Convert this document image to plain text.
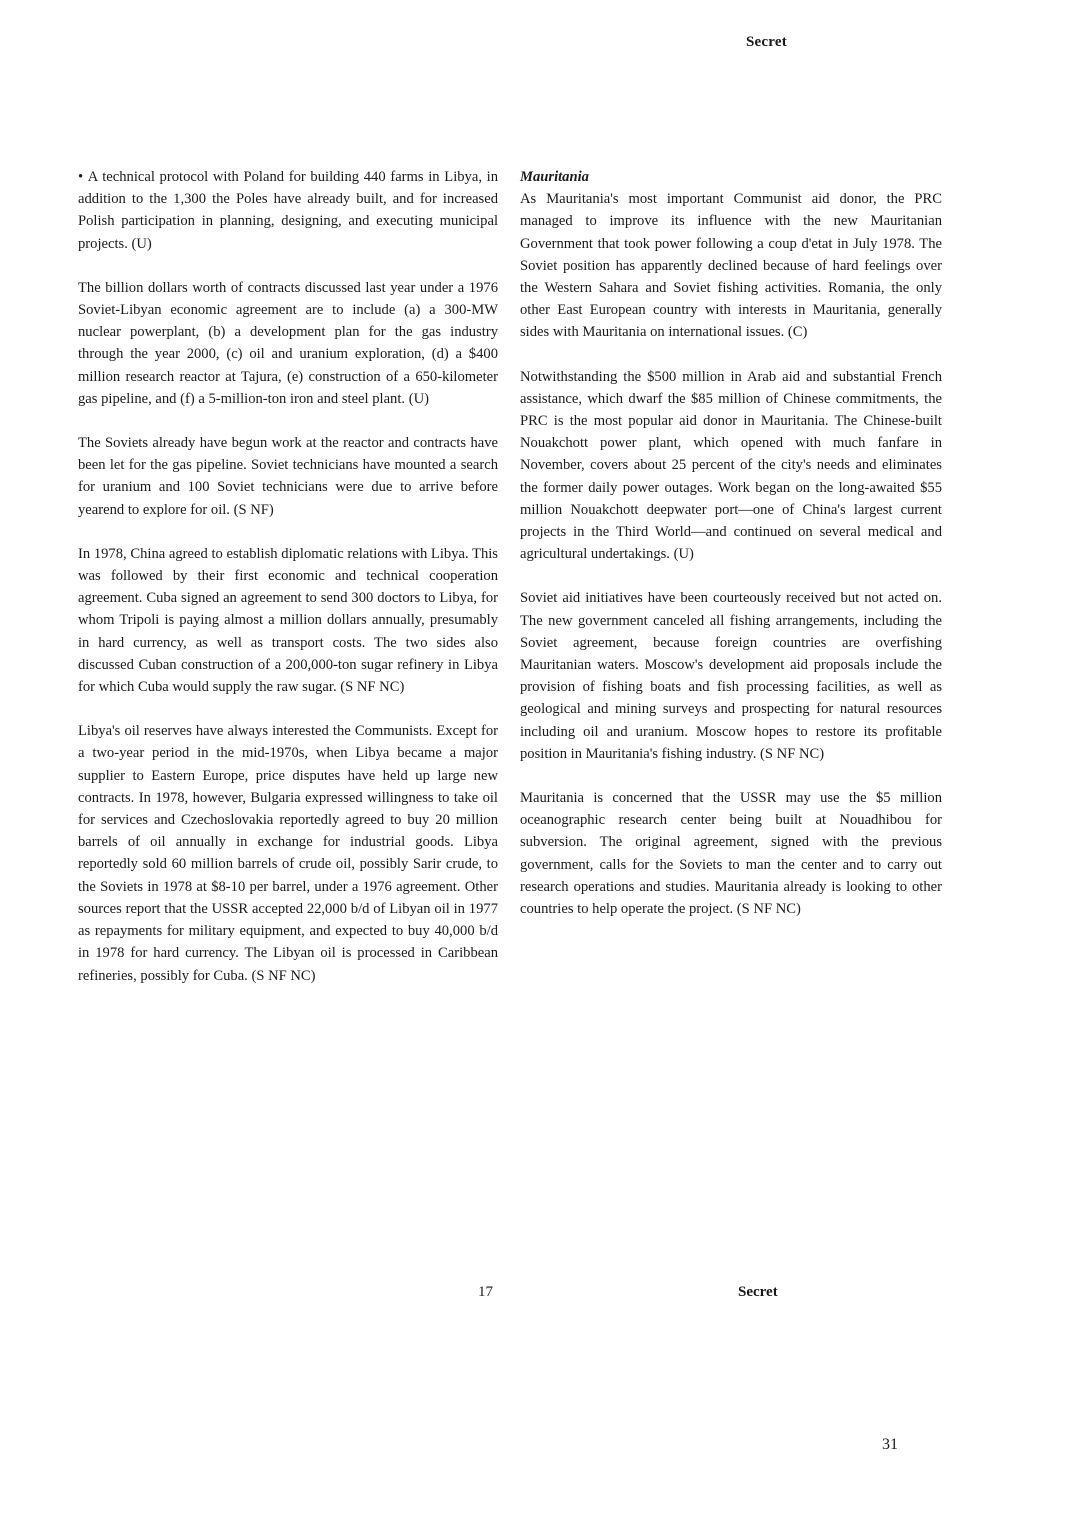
Secret

• A technical protocol with Poland for building 440 farms in Libya, in addition to the 1,300 the Poles have already built, and for increased Polish participation in planning, designing, and executing municipal projects. (U)

The billion dollars worth of contracts discussed last year under a 1976 Soviet-Libyan economic agreement are to include (a) a 300-MW nuclear powerplant, (b) a development plan for the gas industry through the year 2000, (c) oil and uranium exploration, (d) a $400 million research reactor at Tajura, (e) construction of a 650-kilometer gas pipeline, and (f) a 5-million-ton iron and steel plant. (U)

The Soviets already have begun work at the reactor and contracts have been let for the gas pipeline. Soviet technicians have mounted a search for uranium and 100 Soviet technicians were due to arrive before yearend to explore for oil. (S NF)

In 1978, China agreed to establish diplomatic relations with Libya. This was followed by their first economic and technical cooperation agreement. Cuba signed an agreement to send 300 doctors to Libya, for whom Tripoli is paying almost a million dollars annually, presumably in hard currency, as well as transport costs. The two sides also discussed Cuban construction of a 200,000-ton sugar refinery in Libya for which Cuba would supply the raw sugar. (S NF NC)

Libya's oil reserves have always interested the Communists. Except for a two-year period in the mid-1970s, when Libya became a major supplier to Eastern Europe, price disputes have held up large new contracts. In 1978, however, Bulgaria expressed willingness to take oil for services and Czechoslovakia reportedly agreed to buy 20 million barrels of oil annually in exchange for industrial goods. Libya reportedly sold 60 million barrels of crude oil, possibly Sarir crude, to the Soviets in 1978 at $8-10 per barrel, under a 1976 agreement. Other sources report that the USSR accepted 22,000 b/d of Libyan oil in 1977 as repayments for military equipment, and expected to buy 40,000 b/d in 1978 for hard currency. The Libyan oil is processed in Caribbean refineries, possibly for Cuba. (S NF NC)

Mauritania

As Mauritania's most important Communist aid donor, the PRC managed to improve its influence with the new Mauritanian Government that took power following a coup d'etat in July 1978. The Soviet position has apparently declined because of hard feelings over the Western Sahara and Soviet fishing activities. Romania, the only other East European country with interests in Mauritania, generally sides with Mauritania on international issues. (C)

Notwithstanding the $500 million in Arab aid and substantial French assistance, which dwarf the $85 million of Chinese commitments, the PRC is the most popular aid donor in Mauritania. The Chinese-built Nouakchott power plant, which opened with much fanfare in November, covers about 25 percent of the city's needs and eliminates the former daily power outages. Work began on the long-awaited $55 million Nouakchott deepwater port—one of China's largest current projects in the Third World—and continued on several medical and agricultural undertakings. (U)

Soviet aid initiatives have been courteously received but not acted on. The new government canceled all fishing arrangements, including the Soviet agreement, because foreign countries are overfishing Mauritanian waters. Moscow's development aid proposals include the provision of fishing boats and fish processing facilities, as well as geological and mining surveys and prospecting for natural resources including oil and uranium. Moscow hopes to restore its profitable position in Mauritania's fishing industry. (S NF NC)

Mauritania is concerned that the USSR may use the $5 million oceanographic research center being built at Nouadhibou for subversion. The original agreement, signed with the previous government, calls for the Soviets to man the center and to carry out research operations and studies. Mauritania already is looking to other countries to help operate the project. (S NF NC)

17	Secret
31
